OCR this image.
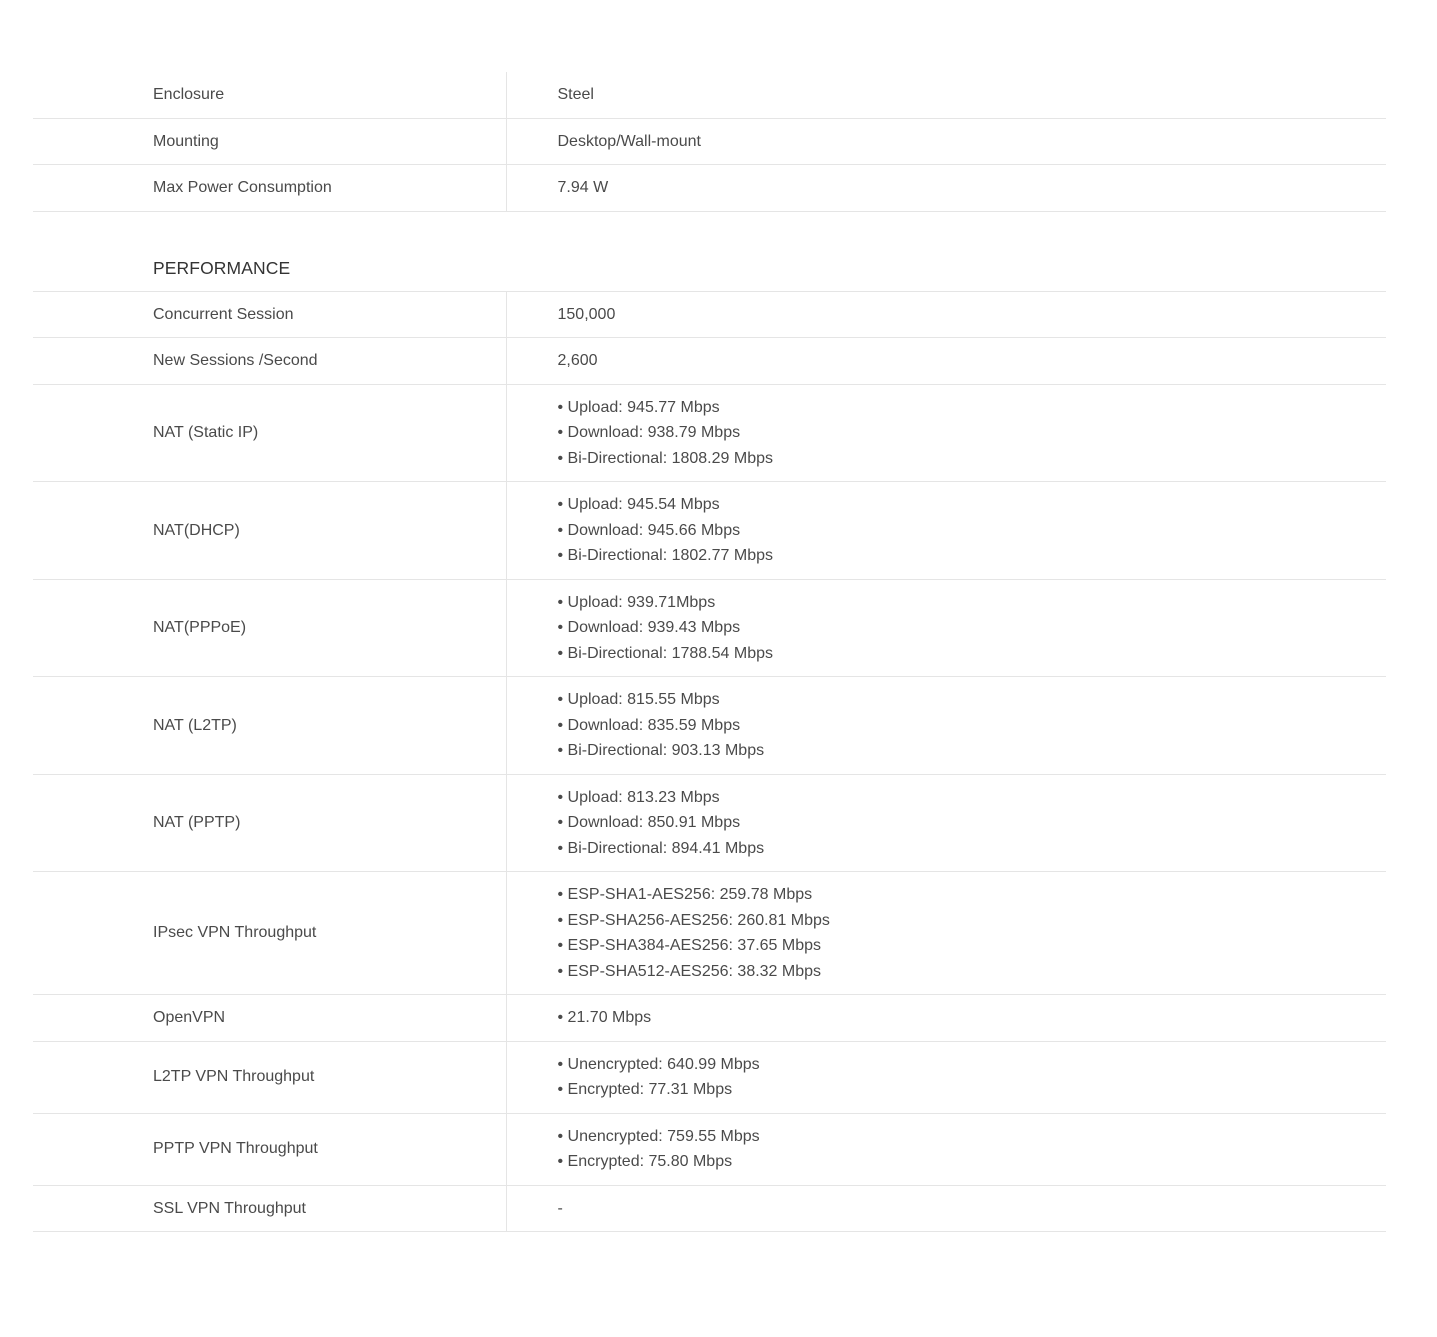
Enclosure	Steel

Mounting	Desktop/Wall-mount

Max Power Consumption	7.94 W
PERFORMANCE
Concurrent Session	150,000

New Sessions /Second	2,600

NAT (Static IP)	• Upload: 945.77 Mbps
• Download: 938.79 Mbps
• Bi-Directional: 1808.29 Mbps

NAT(DHCP)	• Upload: 945.54 Mbps
• Download: 945.66 Mbps
• Bi-Directional: 1802.77 Mbps

NAT(PPPoE)	• Upload: 939.71Mbps
• Download: 939.43 Mbps
• Bi-Directional: 1788.54 Mbps

NAT (L2TP)	• Upload: 815.55 Mbps
• Download: 835.59 Mbps
• Bi-Directional: 903.13 Mbps

NAT (PPTP)	• Upload: 813.23 Mbps
• Download: 850.91 Mbps
• Bi-Directional: 894.41 Mbps

IPsec VPN Throughput	• ESP-SHA1-AES256: 259.78 Mbps
• ESP-SHA256-AES256: 260.81 Mbps
• ESP-SHA384-AES256: 37.65 Mbps
• ESP-SHA512-AES256: 38.32 Mbps

OpenVPN	• 21.70 Mbps

L2TP VPN Throughput	• Unencrypted: 640.99 Mbps
• Encrypted: 77.31 Mbps

PPTP VPN Throughput	• Unencrypted: 759.55 Mbps
• Encrypted: 75.80 Mbps

SSL VPN Throughput	-
